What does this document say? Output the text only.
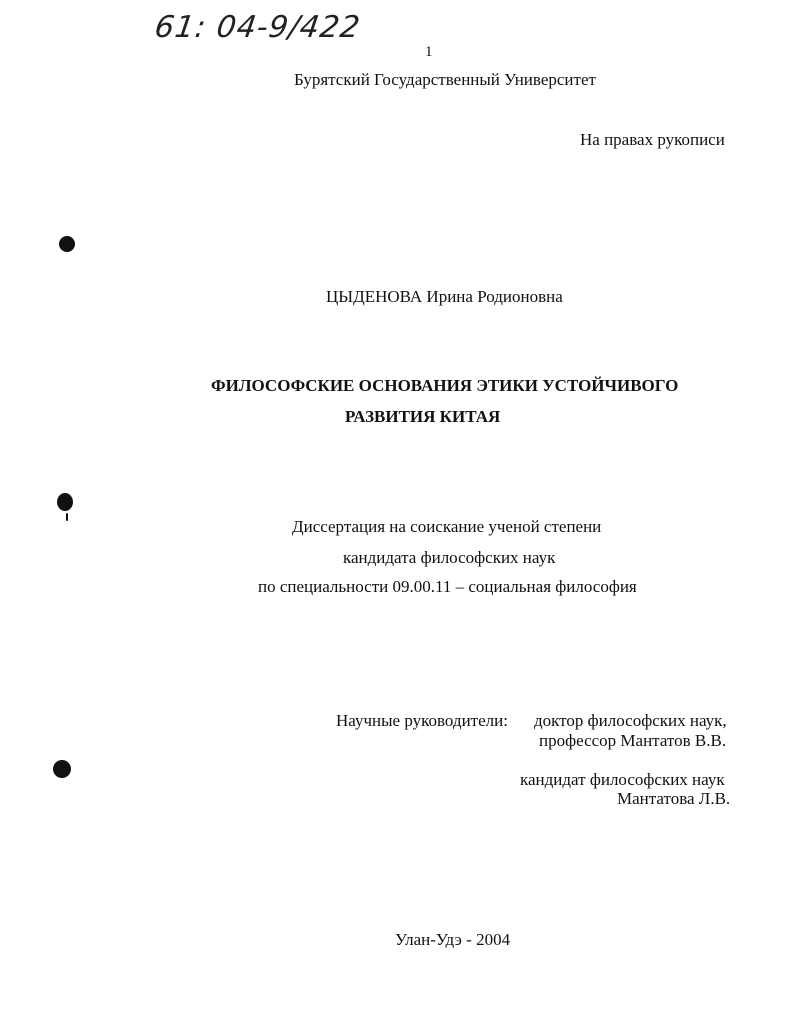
61: 04-9/422
1
Бурятский Государственный Университет
На правах рукописи
ЦЫДЕНОВА Ирина Родионовна
ФИЛОСОФСКИЕ ОСНОВАНИЯ ЭТИКИ УСТОЙЧИВОГО
РАЗВИТИЯ КИТАЯ
Диссертация на соискание ученой степени
кандидата философских наук
по специальности 09.00.11 – социальная философия
Научные руководители: доктор философских наук,
профессор Мантатов В.В.
кандидат философских наук
Мантатова Л.В.
Улан-Удэ - 2004
